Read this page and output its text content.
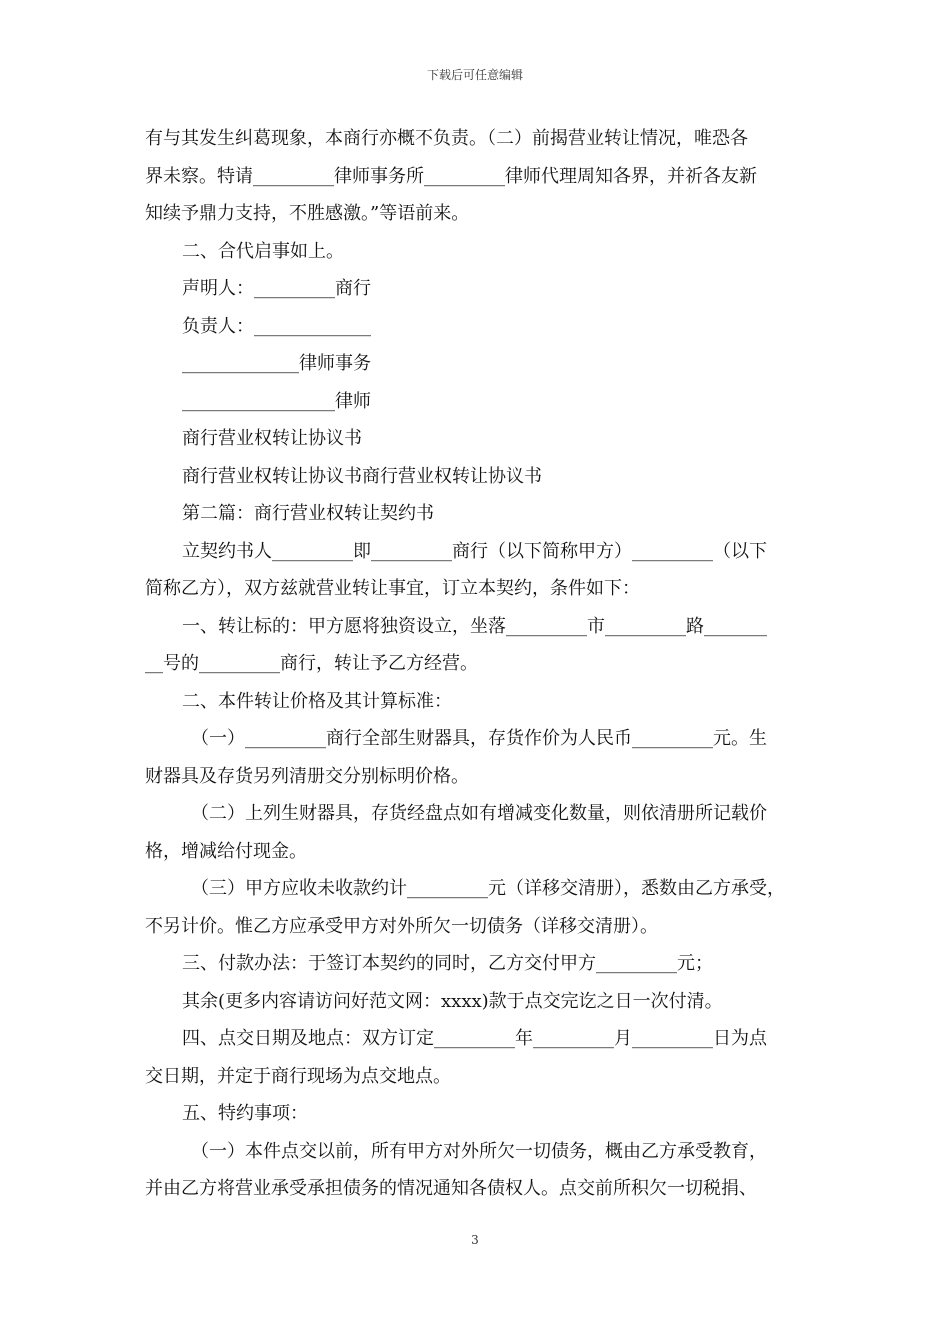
下载后可任意编辑
有与其发生纠葛现象，本商行亦概不负责。（二）前揭营业转让情况，唯恐各
界未察。特请_________律师事务所_________律师代理周知各界，并祈各友新
知续予鼎力支持，不胜感激。”等语前来。
二、合代启事如上。
声明人：_________商行
负责人：_____________
_____________律师事务
_________________律师
商行营业权转让协议书
商行营业权转让协议书商行营业权转让协议书
第二篇：商行营业权转让契约书
立契约书人_________即_________商行（以下简称甲方）_________（以下
简称乙方），双方兹就营业转让事宜，订立本契约，条件如下：
一、转让标的：甲方愿将独资设立，坐落_________市_________路_______
__号的_________商行，转让予乙方经营。
二、本件转让价格及其计算标准：
（一）_________商行全部生财器具，存货作价为人民币_________元。生
财器具及存货另列清册交分别标明价格。
（二）上列生财器具，存货经盘点如有增减变化数量，则依清册所记载价
格，增减给付现金。
（三）甲方应收未收款约计_________元（详移交清册），悉数由乙方承受，
不另计价。惟乙方应承受甲方对外所欠一切债务（详移交清册）。
三、付款办法：于签订本契约的同时，乙方交付甲方_________元；
其余(更多内容请访问好范文网：xxxx)款于点交完讫之日一次付清。
四、点交日期及地点：双方订定_________年_________月_________日为点
交日期，并定于商行现场为点交地点。
五、特约事项：
（一）本件点交以前，所有甲方对外所欠一切债务，概由乙方承受教育，
并由乙方将营业承受承担债务的情况通知各债权人。点交前所积欠一切税捐、
3
